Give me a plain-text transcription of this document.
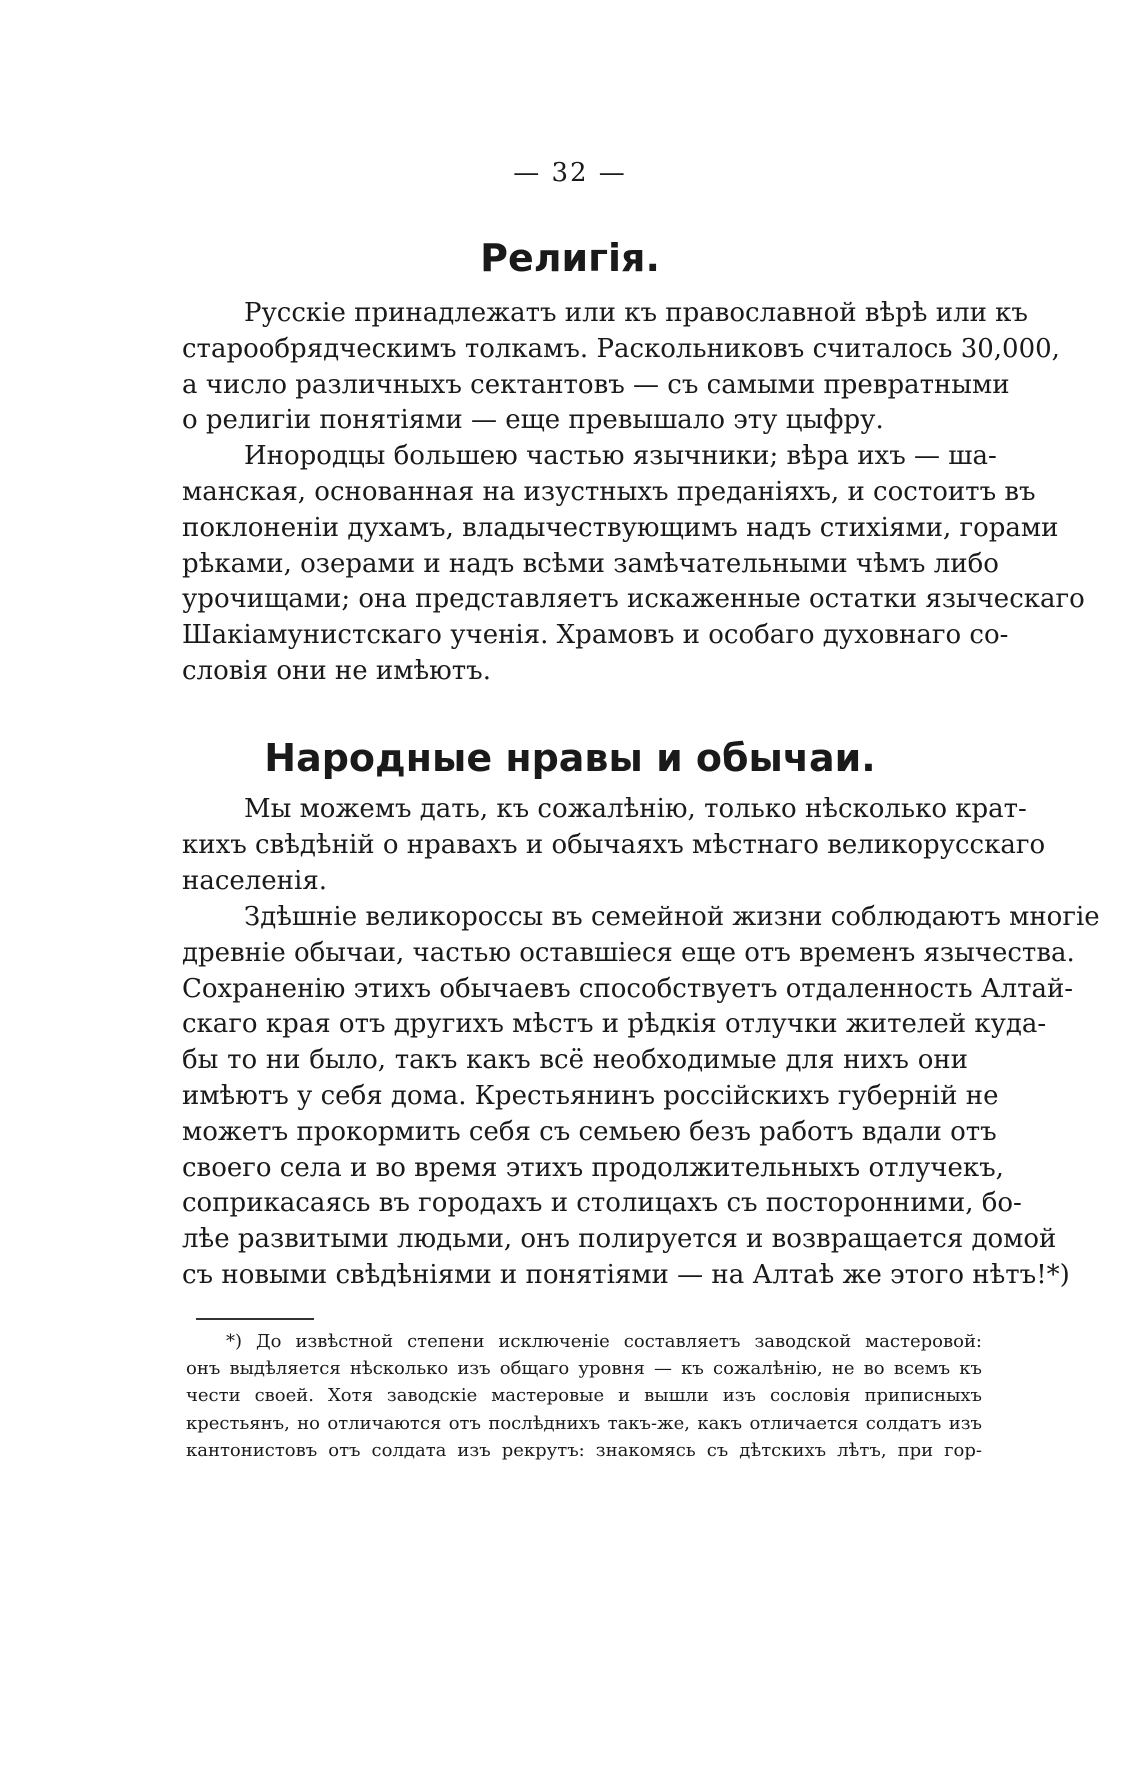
— 32 —
Религія.
Русскіе принадлежатъ или къ православной вѣрѣ или къ
старообрядческимъ толкамъ. Раскольниковъ считалось 30,000,
а число различныхъ сектантовъ — съ самыми превратными
о религіи понятіями — еще превышало эту цыфру.
Инородцы большею частью язычники; вѣра ихъ — ша-
манская, основанная на изустныхъ преданіяхъ, и состоитъ въ
поклоненіи духамъ, владычествующимъ надъ стихіями, горами
рѣками, озерами и надъ всѣми замѣчательными чѣмъ либо
урочищами; она представляетъ искаженные остатки языческаго
Шакіамунистскаго ученія. Храмовъ и особаго духовнаго со-
словія они не имѣютъ.
Народные нравы и обычаи.
Мы можемъ дать, къ сожалѣнію, только нѣсколько крат-
кихъ свѣдѣній о нравахъ и обычаяхъ мѣстнаго великорусскаго
населенія.
Здѣшніе великороссы въ семейной жизни соблюдаютъ многіе
древніе обычаи, частью оставшіеся еще отъ временъ язычества.
Сохраненію этихъ обычаевъ способствуетъ отдаленность Алтай-
скаго края отъ другихъ мѣстъ и рѣдкія отлучки жителей куда-
бы то ни было, такъ какъ всё необходимые для нихъ они
имѣютъ у себя дома. Крестьянинъ россійскихъ губерній не
можетъ прокормить себя съ семьею безъ работъ вдали отъ
своего села и во время этихъ продолжительныхъ отлучекъ,
соприкасаясь въ городахъ и столицахъ съ посторонними, бо-
лѣе развитыми людьми, онъ полируется и возвращается домой
съ новыми свѣдѣніями и понятіями — на Алтаѣ же этого нѣтъ!*)
*) До извѣстной степени исключеніе составляетъ заводской мастеровой:
онъ выдѣляется нѣсколько изъ общаго уровня — къ сожалѣнію, не во всемъ къ
чести своей. Хотя заводскіе мастеровые и вышли изъ сословія приписныхъ
крестьянъ, но отличаются отъ послѣднихъ такъ-же, какъ отличается солдатъ изъ
кантонистовъ отъ солдата изъ рекрутъ: знакомясь съ дѣтскихъ лѣтъ, при гор-
